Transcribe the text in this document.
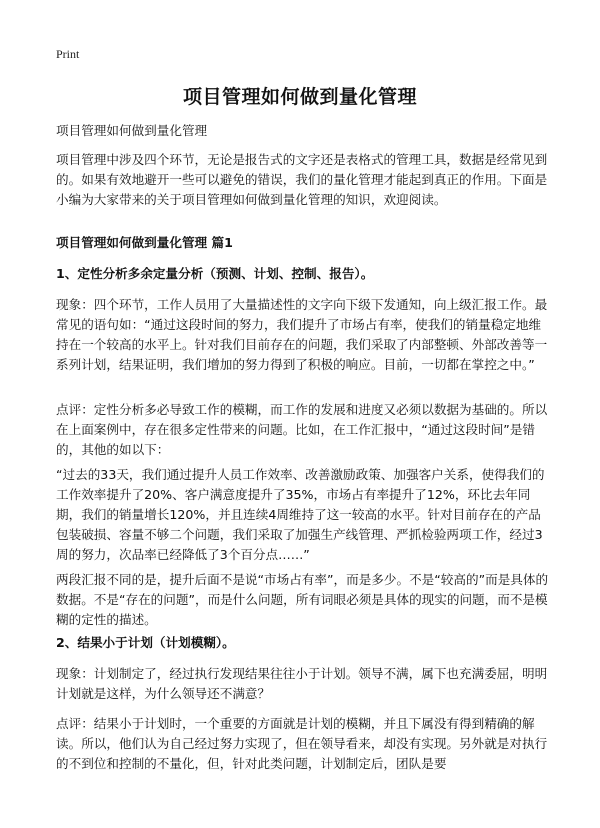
Print
项目管理如何做到量化管理

项目管理如何做到量化管理

项目管理中涉及四个环节，无论是报告式的文字还是表格式的管理工具，数据是经常见到的。如果有效地避开一些可以避免的错误，我们的量化管理才能起到真正的作用。下面是小编为大家带来的关于项目管理如何做到量化管理的知识，欢迎阅读。

项目管理如何做到量化管理 篇1

1、定性分析多余定量分析（预测、计划、控制、报告）。

现象：四个环节，工作人员用了大量描述性的文字向下级下发通知，向上级汇报工作。最常见的语句如：“通过这段时间的努力，我们提升了市场占有率，使我们的销量稳定地维持在一个较高的水平上。针对我们目前存在的问题，我们采取了内部整顿、外部改善等一系列计划，结果证明，我们增加的努力得到了积极的响应。目前，一切都在掌控之中。”

点评：定性分析多必导致工作的模糊，而工作的发展和进度又必须以数据为基础的。所以在上面案例中，存在很多定性带来的问题。比如，在工作汇报中，“通过这段时间”是错的，其他的如以下：

“过去的33天，我们通过提升人员工作效率、改善激励政策、加强客户关系，使得我们的工作效率提升了20%、客户满意度提升了35%，市场占有率提升了12%，环比去年同期，我们的销量增长120%，并且连续4周维持了这一较高的水平。针对目前存在的产品包装破损、容量不够二个问题，我们采取了加强生产线管理、严抓检验两项工作，经过3周的努力，次品率已经降低了3个百分点……”

两段汇报不同的是，提升后面不是说“市场占有率”，而是多少。不是“较高的”而是具体的数据。不是“存在的问题”，而是什么问题，所有词眼必须是具体的现实的问题，而不是模糊的定性的描述。

2、结果小于计划（计划模糊）。

现象：计划制定了，经过执行发现结果往往小于计划。领导不满，属下也充满委屈，明明计划就是这样，为什么领导还不满意？

点评：结果小于计划时，一个重要的方面就是计划的模糊，并且下属没有得到精确的解读。所以，他们认为自己经过努力实现了，但在领导看来，却没有实现。另外就是对执行的不到位和控制的不量化，但，针对此类问题，计划制定后，团队是要
